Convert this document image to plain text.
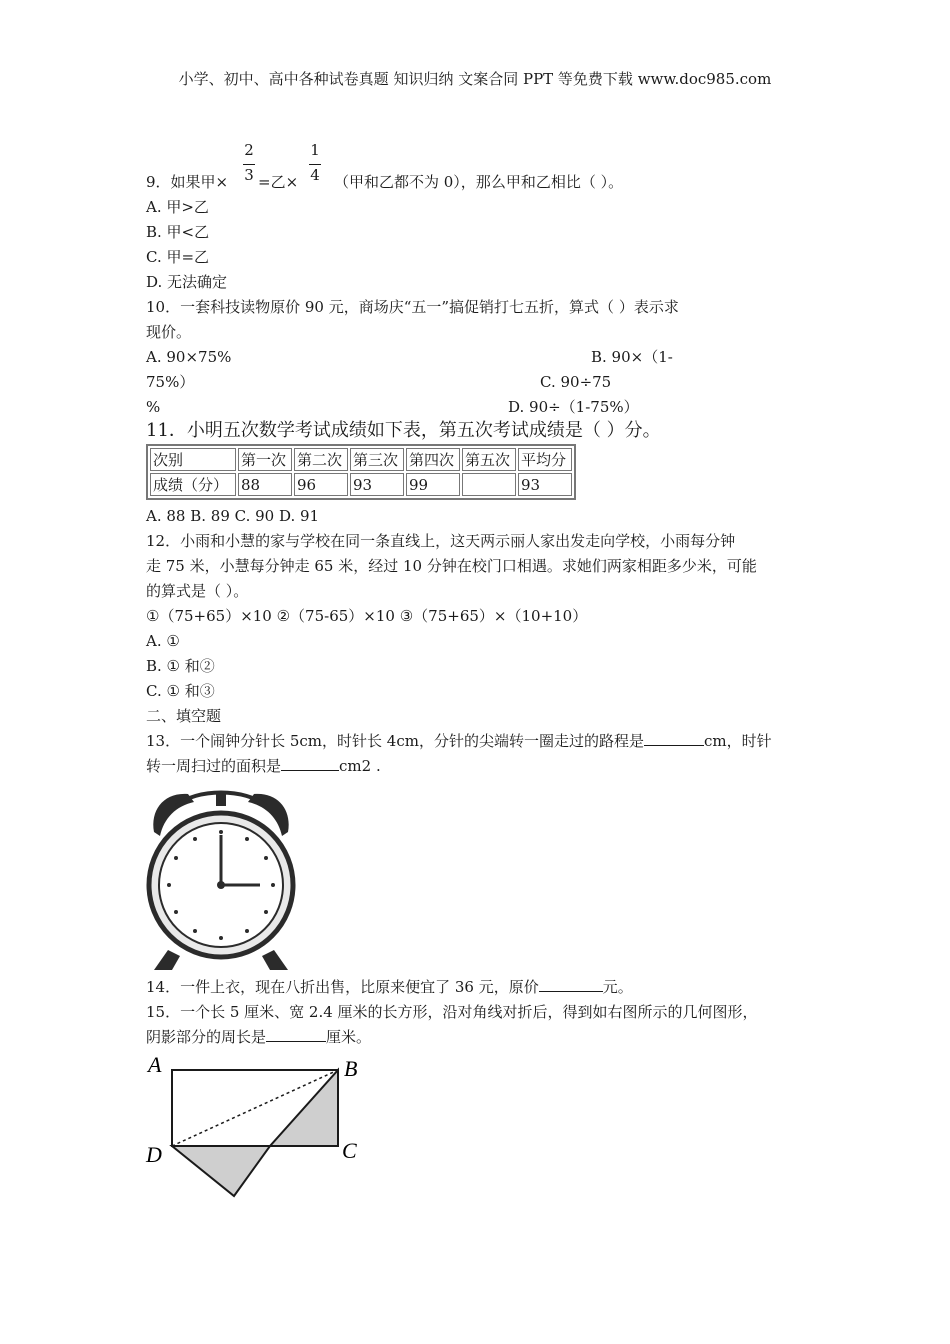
小学、初中、高中各种试卷真题 知识归纳 文案合同 PPT 等免费下载 www.doc985.com
9．如果甲×
2
3 =乙×
1
4 （甲和乙都不为 0），那么甲和乙相比（ ）。
A. 甲>乙
B. 甲<乙
C. 甲=乙
D. 无法确定
10．一套科技读物原价 90 元，商场庆“五一”搞促销打七五折，算式（ ）表示求
现价。
A. 90×75%	B. 90×（1-
75%）	C. 90÷75
%	D. 90÷（1-75%）
11．小明五次数学考试成绩如下表，第五次考试成绩是（ ）分。
次别	第一次	第二次	第三次	第四次	第五次	平均分
成绩（分）	88	96	93	99		93
A. 88 B. 89 C. 90 D. 91
12．小雨和小慧的家与学校在同一条直线上，这天两示丽人家出发走向学校，小雨每分钟
走 75 米，小慧每分钟走 65 米，经过 10 分钟在校门口相遇。求她们两家相距多少米，可能
的算式是（ ）。
①（75+65）×10 ②（75-65）×10 ③（75+65）×（10+10）
A. ①
B. ① 和②
C. ① 和③
二、填空题
13．一个闹钟分针长 5cm，时针长 4cm，分针的尖端转一圈走过的路程是	cm，时针
转一周扫过的面积是	cm2 .
14．一件上衣，现在八折出售，比原来便宜了 36 元，原价	元。
15．一个长 5 厘米、宽 2.4 厘米的长方形，沿对角线对折后，得到如右图所示的几何图形，
阴影部分的周长是	厘米。
A	B
C
D
